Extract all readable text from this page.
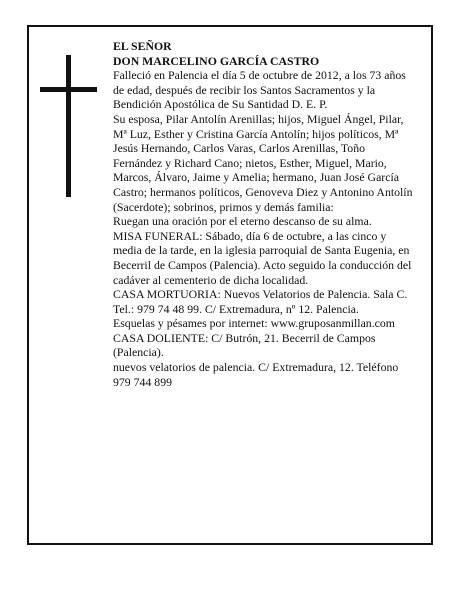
EL SEÑOR

DON MARCELINO GARCÍA CASTRO

Falleció en Palencia el día 5 de octubre de 2012, a los 73 años de edad, después de recibir los Santos Sacramentos y la Bendición Apostólica de Su Santidad D. E. P.

Su esposa, Pilar Antolín Arenillas; hijos, Miguel Ángel, Pilar, Mª Luz, Esther y Cristina García Antolín; hijos políticos, Mª Jesús Hernando, Carlos Varas, Carlos Arenillas, Toño Fernández y Richard Cano; nietos, Esther, Miguel, Mario, Marcos, Álvaro, Jaime y Amelia; hermano, Juan José García Castro; hermanos políticos, Genoveva Diez y Antonino Antolín (Sacerdote); sobrinos, primos y demás familia:

Ruegan una oración por el eterno descanso de su alma.

MISA FUNERAL: Sábado, día 6 de octubre, a las cinco y media de la tarde, en la iglesia parroquial de Santa Eugenia, en Becerril de Campos (Palencia). Acto seguido la conducción del cadáver al cementerio de dicha localidad.

CASA MORTUORIA: Nuevos Velatorios de Palencia. Sala C. Tel.: 979 74 48 99. C/ Extremadura, nº 12. Palencia.

Esquelas y pésames por internet: www.gruposanmillan.com

CASA DOLIENTE: C/ Butrón, 21. Becerril de Campos (Palencia).

nuevos velatorios de palencia. C/ Extremadura, 12. Teléfono 979 744 899
